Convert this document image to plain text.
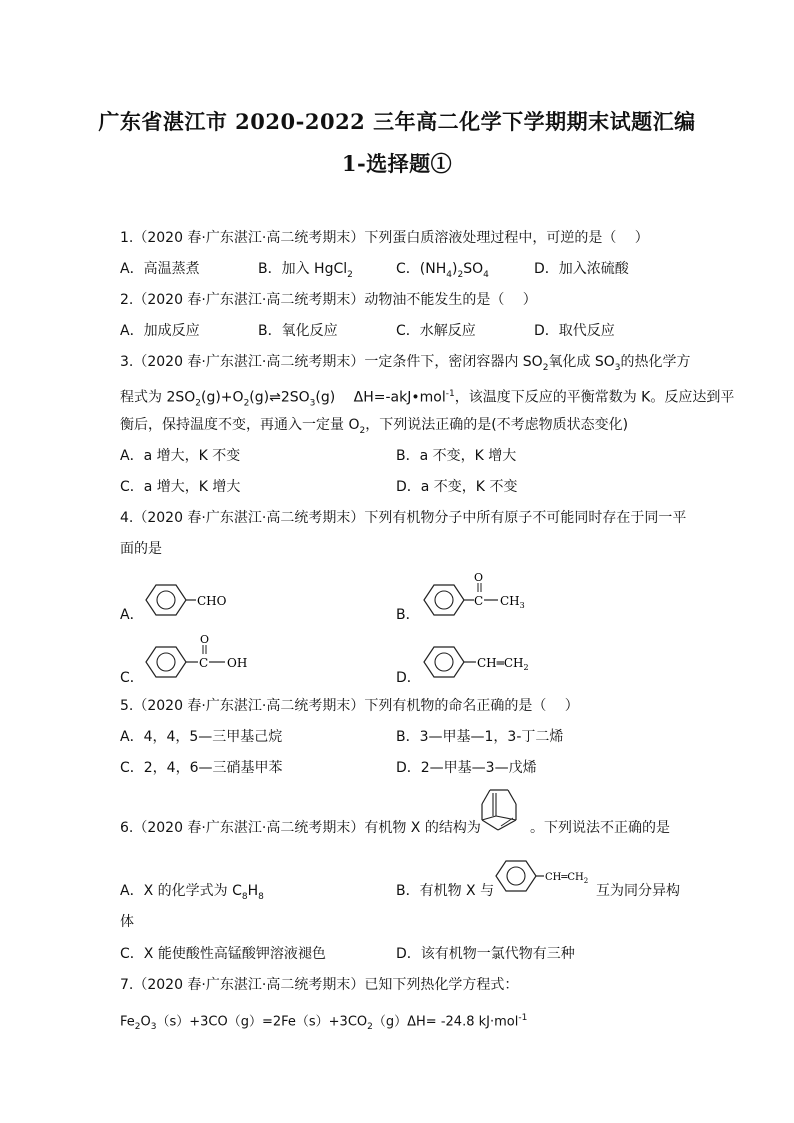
广东省湛江市 2020-2022 三年高二化学下学期期末试题汇编
1-选择题①
1.（2020 春·广东湛江·高二统考期末）下列蛋白质溶液处理过程中，可逆的是（　 ）
A．高温蒸煮	B．加入 HgCl$_2$	C．$(NH_4)_2SO_4$	D．加入浓硫酸
2.（2020 春·广东湛江·高二统考期末）动物油不能发生的是（　 ）
A．加成反应	B．氧化反应	C．水解反应	D．取代反应
3.（2020 春·广东湛江·高二统考期末）一定条件下，密闭容器内 $SO_2$氧化成 $SO_3$的热化学方
程式为 $2SO_2(g)+O_2(g)\rightleftharpoons 2SO_3(g)$　 ΔH=-akJ•mol$^{-1}$，该温度下反应的平衡常数为 K。反应达到平
衡后，保持温度不变，再通入一定量 $O_2$，下列说法正确的是(不考虑物质状态变化)
A．a 增大，K 不变	B．a 不变，K 增大
C．a 增大，K 增大	D．a 不变，K 不变
4.（2020 春·广东湛江·高二统考期末）下列有机物分子中所有原子不可能同时存在于同一平
面的是
A．
CHO
B．
C
O
$CH_3$
C．
C
O
OH
D．
$CH═CH_2$
5.（2020 春·广东湛江·高二统考期末）下列有机物的命名正确的是（　 ）
A．4，4，5—三甲基己烷	B．3—甲基—1，3-丁二烯
C．2，4，6—三硝基甲苯	D．2—甲基—3—戊烯
6.（2020 春·广东湛江·高二统考期末）有机物 X 的结构为	。下列说法不正确的是
A．X 的化学式为 $C_8H_8$	B．有机物 X 与
$CH═CH_2$
互为同分异构
体
C．X 能使酸性高锰酸钾溶液褪色	D．该有机物一氯代物有三种
7.（2020 春·广东湛江·高二统考期末）已知下列热化学方程式：
$Fe_2O_3(s)+3CO(g)=2Fe(s)+3CO_2(g)\Delta H= -24.8$ kJ·mol$^{-1}$
